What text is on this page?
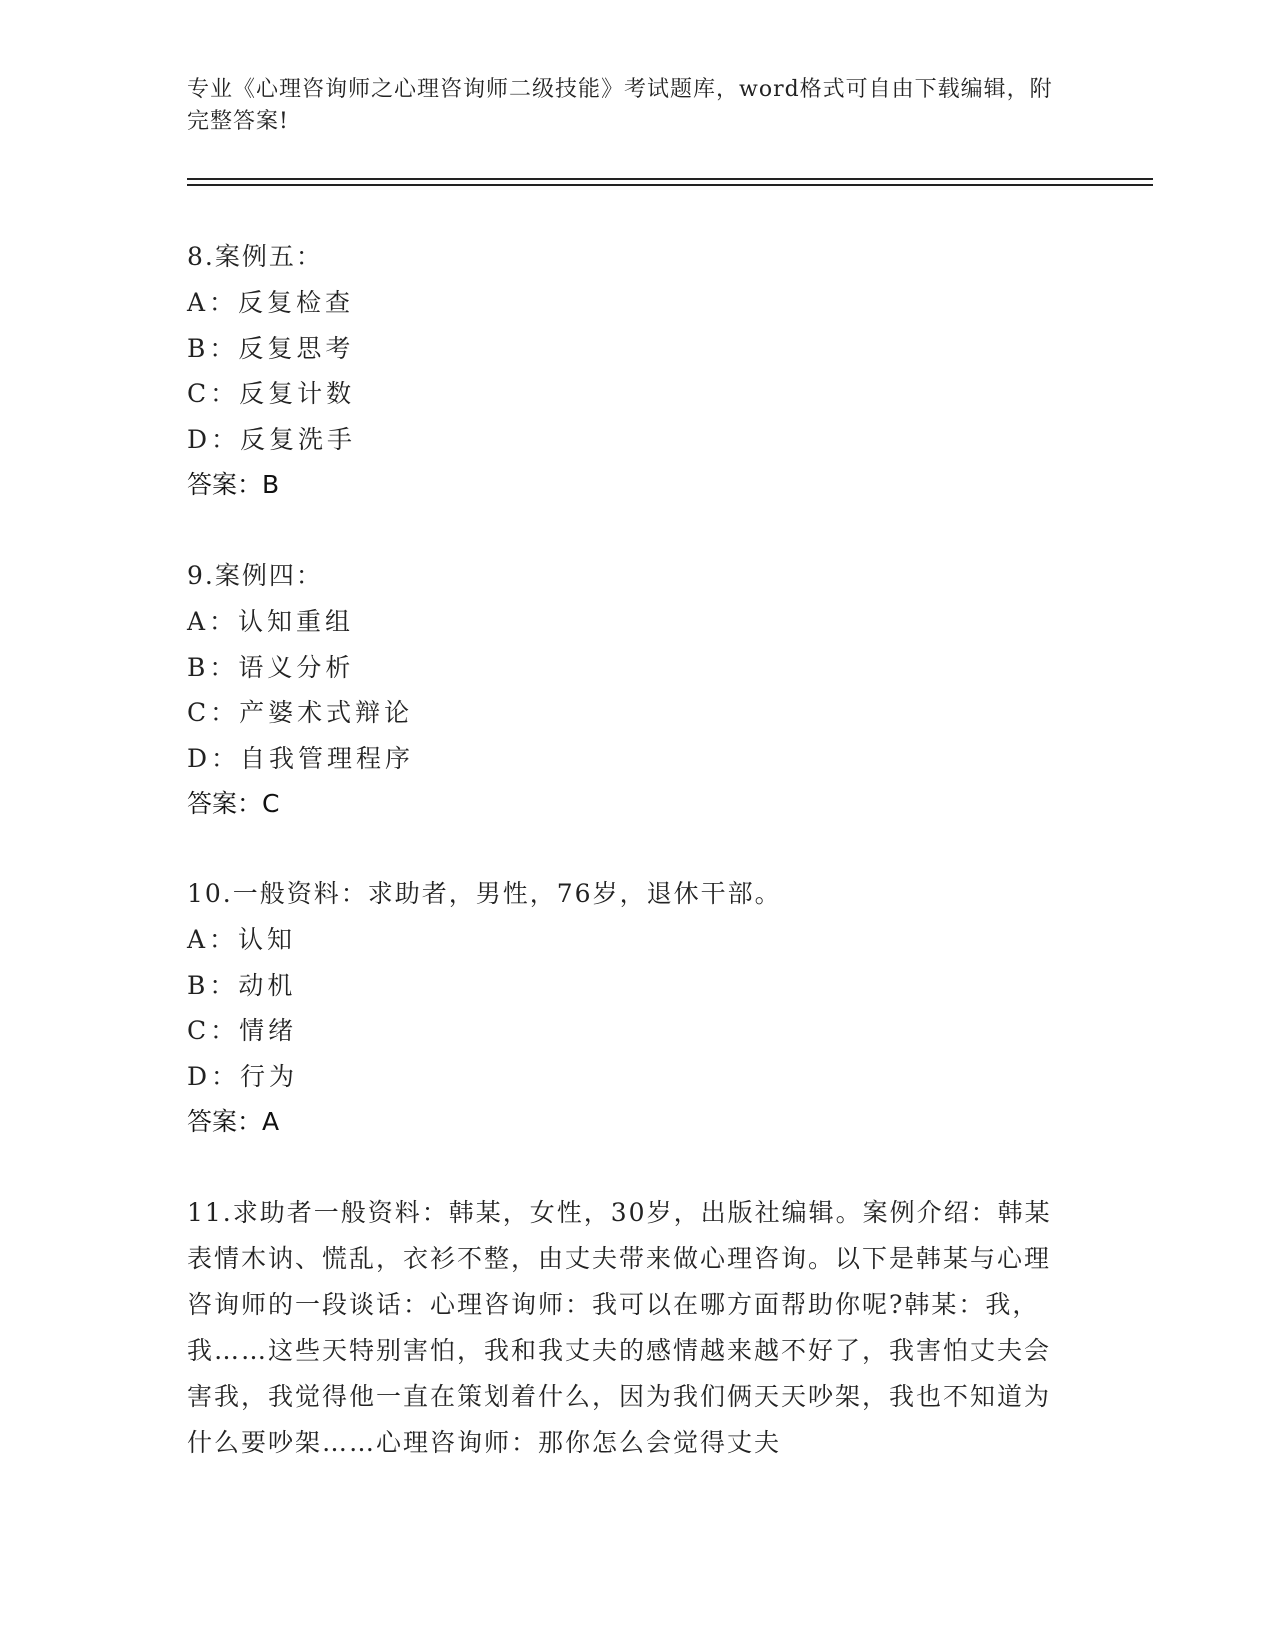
专业《心理咨询师之心理咨询师二级技能》考试题库，word格式可自由下载编辑，附完整答案!

8.案例五：

A：反复检查

B：反复思考

C：反复计数

D：反复洗手

答案：B

9.案例四：

A：认知重组

B：语义分析

C：产婆术式辩论

D：自我管理程序

答案：C

10.一般资料：求助者，男性，76岁，退休干部。

A：认知

B：动机

C：情绪

D：行为

答案：A

11.求助者一般资料：韩某，女性，30岁，出版社编辑。案例介绍：韩某表情木讷、慌乱，衣衫不整，由丈夫带来做心理咨询。以下是韩某与心理咨询师的一段谈话：心理咨询师：我可以在哪方面帮助你呢?韩某：我，我……这些天特别害怕，我和我丈夫的感情越来越不好了，我害怕丈夫会害我，我觉得他一直在策划着什么，因为我们俩天天吵架，我也不知道为什么要吵架……心理咨询师：那你怎么会觉得丈夫
